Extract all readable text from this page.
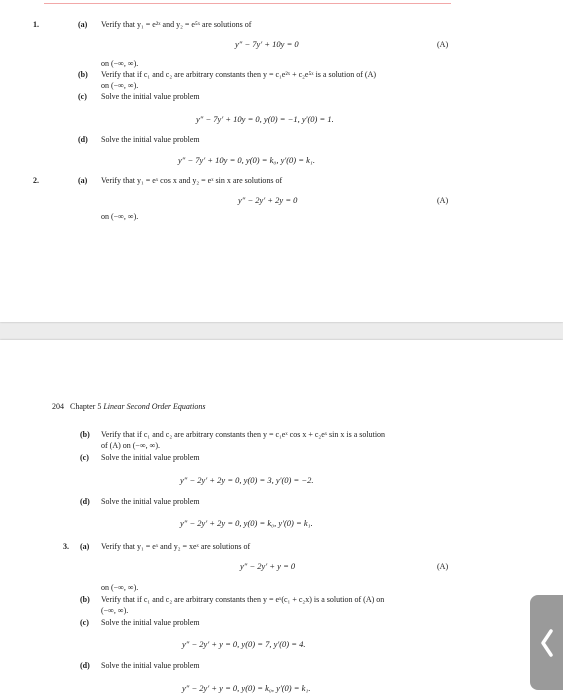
1.	(a) Verify that y₁ = e²ˣ and y₂ = e⁵ˣ are solutions of
y″ − 7y′ + 10y = 0	(A)
on (−∞, ∞).
(b) Verify that if c₁ and c₂ are arbitrary constants then y = c₁e²ˣ + c₂e⁵ˣ is a solution of (A)
on (−∞, ∞).
(c) Solve the initial value problem
y″ − 7y′ + 10y = 0, y(0) = −1, y′(0) = 1.
(d) Solve the initial value problem
y″ − 7y′ + 10y = 0, y(0) = k₀, y′(0) = k₁.
2.	(a) Verify that y₁ = eˣ cos x and y₂ = eˣ sin x are solutions of
y″ − 2y′ + 2y = 0	(A)
on (−∞, ∞).
204 Chapter 5 Linear Second Order Equations
(b) Verify that if c₁ and c₂ are arbitrary constants then y = c₁eˣ cos x + c₂eˣ sin x is a solution
of (A) on (−∞, ∞).
(c) Solve the initial value problem
y″ − 2y′ + 2y = 0, y(0) = 3, y′(0) = −2.
(d) Solve the initial value problem
y″ − 2y′ + 2y = 0, y(0) = k₀, y′(0) = k₁.
3. (a) Verify that y₁ = eˣ and y₂ = xeˣ are solutions of
y″ − 2y′ + y = 0	(A)
on (−∞, ∞).
(b) Verify that if c₁ and c₂ are arbitrary constants then y = eˣ(c₁ + c₂x) is a solution of (A) on
(−∞, ∞).
(c) Solve the initial value problem
y″ − 2y′ + y = 0, y(0) = 7, y′(0) = 4.
(d) Solve the initial value problem
y″ − 2y′ + y = 0, y(0) = k₀, y′(0) = k₁.
